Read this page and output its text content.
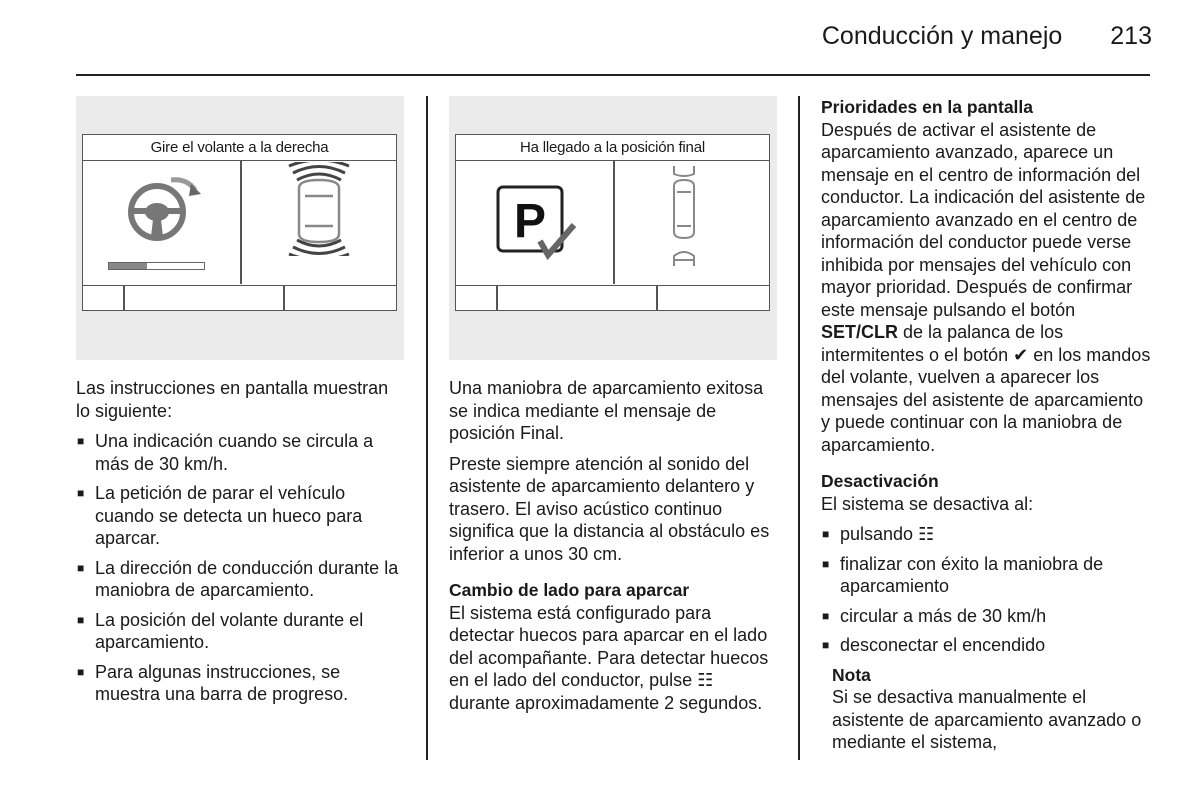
Conducción y manejo 213
Gire el volante a la derecha	Ha llegado a la posición final
P

Las instrucciones en pantalla muestran lo siguiente:

■ Una indicación cuando se circula a más de 30 km/h.
■ La petición de parar el vehículo cuando se detecta un hueco para aparcar.
■ La dirección de conducción durante la maniobra de aparcamiento.
■ La posición del volante durante el aparcamiento.
■ Para algunas instrucciones, se muestra una barra de progreso.

Una maniobra de aparcamiento exitosa se indica mediante el mensaje de posición Final.

Preste siempre atención al sonido del asistente de aparcamiento delantero y trasero. El aviso acústico continuo significa que la distancia al obstáculo es inferior a unos 30 cm.

Cambio de lado para aparcar

El sistema está configurado para detectar huecos para aparcar en el lado del acompañante. Para detectar huecos en el lado del conductor, pulse ☷ durante aproximadamente 2 segundos.

Prioridades en la pantalla

Después de activar el asistente de aparcamiento avanzado, aparece un mensaje en el centro de información del conductor. La indicación del asistente de aparcamiento avanzado en el centro de información del conductor puede verse inhibida por mensajes del vehículo con mayor prioridad. Después de confirmar este mensaje pulsando el botón SET/CLR de la palanca de los intermitentes o el botón ✔ en los mandos del volante, vuelven a aparecer los mensajes del asistente de aparcamiento y puede continuar con la maniobra de aparcamiento.

Desactivación

El sistema se desactiva al:

■ pulsando ☷
■ finalizar con éxito la maniobra de aparcamiento
■ circular a más de 30 km/h
■ desconectar el encendido
Nota
Si se desactiva manualmente el asistente de aparcamiento avanzado o mediante el sistema,
